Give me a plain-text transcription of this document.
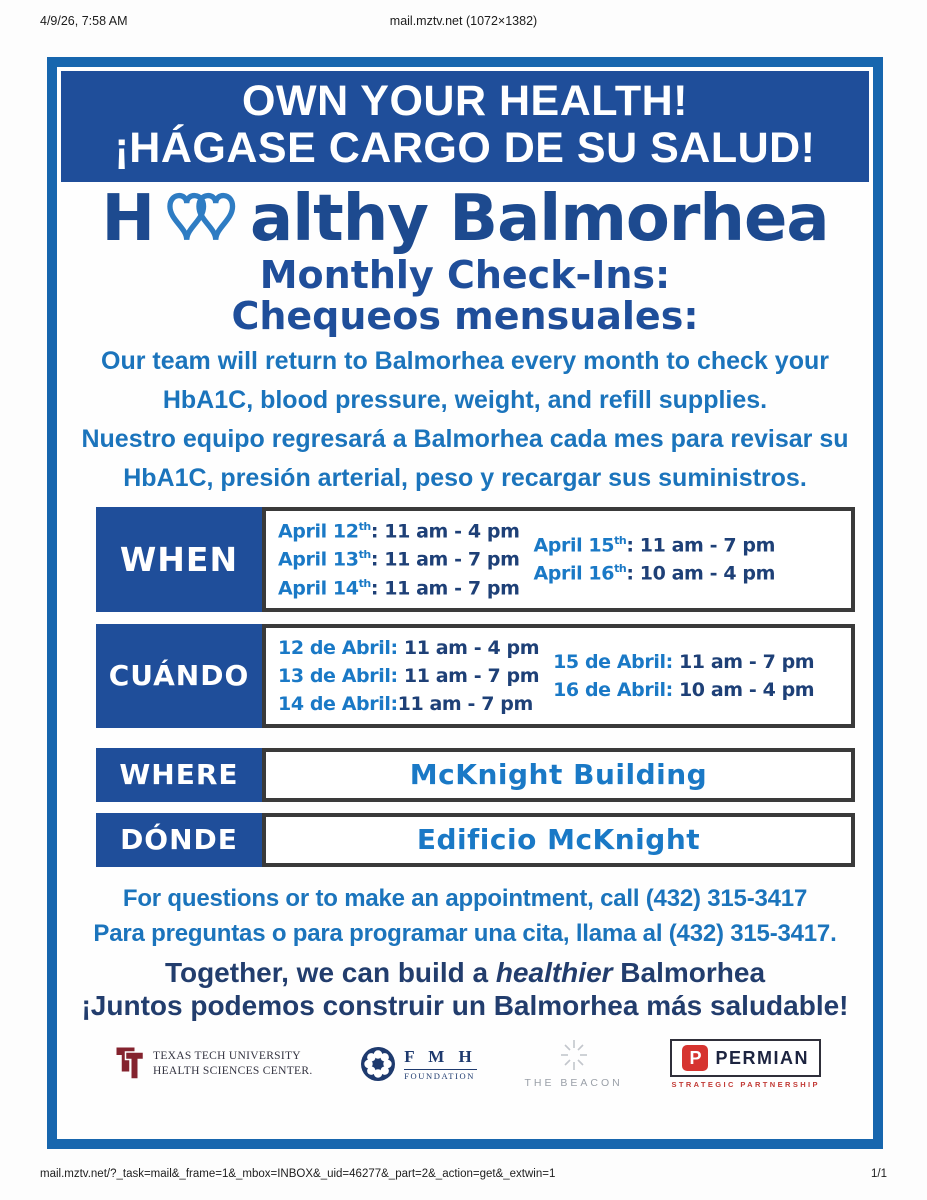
4/9/26, 7:58 AM	mail.mztv.net (1072×1382)
OWN YOUR HEALTH!
¡HÁGASE CARGO DE SU SALUD!
H althy Balmorhea
Monthly Check-Ins:
Chequeos mensuales:
Our team will return to Balmorhea every month to check your
HbA1C, blood pressure, weight, and refill supplies.
Nuestro equipo regresará a Balmorhea cada mes para revisar su
HbA1C, presión arterial, peso y recargar sus suministros.
WHEN
April 12th: 11 am - 4 pm
April 13th: 11 am - 7 pm
April 14th: 11 am - 7 pm
April 15th: 11 am - 7 pm
April 16th: 10 am - 4 pm
CUÁNDO
12 de Abril: 11 am - 4 pm
13 de Abril: 11 am - 7 pm
14 de Abril:11 am - 7 pm
15 de Abril: 11 am - 7 pm
16 de Abril: 10 am - 4 pm
WHERE	McKnight Building
DÓNDE	Edificio McKnight
For questions or to make an appointment, call (432) 315-3417
Para preguntas o para programar una cita, llama al (432) 315-3417.
Together, we can build a healthier Balmorhea
¡Juntos podemos construir un Balmorhea más saludable!
TEXAS TECH UNIVERSITY
HEALTH SCIENCES CENTER.
F M H
FOUNDATION
THE BEACON
P PERMIAN
STRATEGIC PARTNERSHIP
mail.mztv.net/?_task=mail&_frame=1&_mbox=INBOX&_uid=46277&_part=2&_action=get&_extwin=1	1/1
